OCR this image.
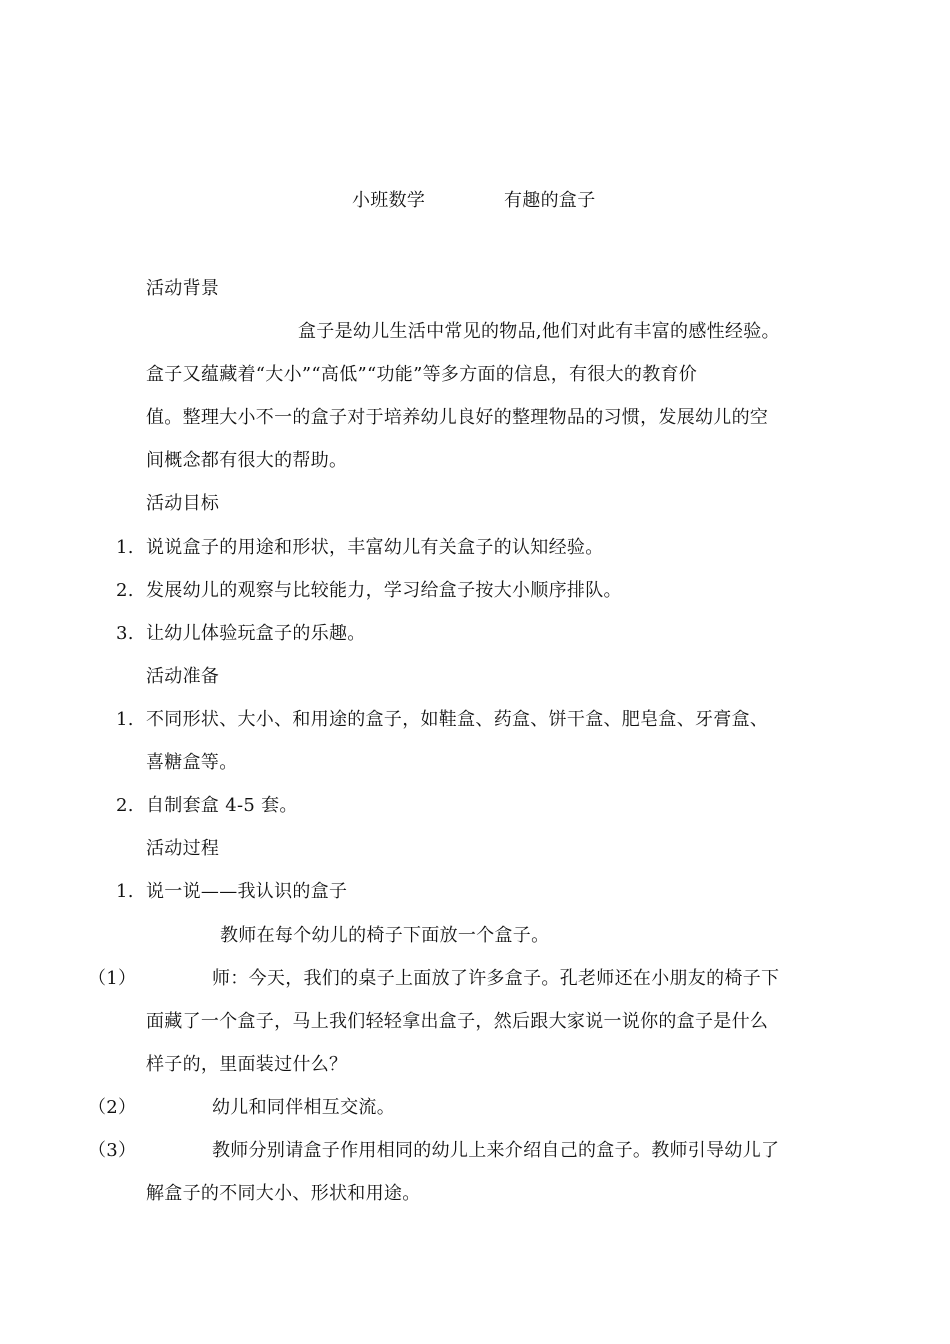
小班数学	有趣的盒子
活动背景
盒子是幼儿生活中常见的物品,他们对此有丰富的感性经验。
盒子又蕴藏着“大小”“高低”“功能”等多方面的信息，有很大的教育价
值。整理大小不一的盒子对于培养幼儿良好的整理物品的习惯，发展幼儿的空
间概念都有很大的帮助。
活动目标
1. 说说盒子的用途和形状，丰富幼儿有关盒子的认知经验。
2. 发展幼儿的观察与比较能力，学习给盒子按大小顺序排队。
3. 让幼儿体验玩盒子的乐趣。
活动准备
1. 不同形状、大小、和用途的盒子，如鞋盒、药盒、饼干盒、肥皂盒、牙膏盒、
喜糖盒等。
2. 自制套盒 4-5 套。
活动过程
1. 说一说——我认识的盒子
教师在每个幼儿的椅子下面放一个盒子。
（1）	师：今天，我们的桌子上面放了许多盒子。孔老师还在小朋友的椅子下
面藏了一个盒子，马上我们轻轻拿出盒子，然后跟大家说一说你的盒子是什么
样子的，里面装过什么？
（2）	幼儿和同伴相互交流。
（3）	教师分别请盒子作用相同的幼儿上来介绍自己的盒子。教师引导幼儿了
解盒子的不同大小、形状和用途。
